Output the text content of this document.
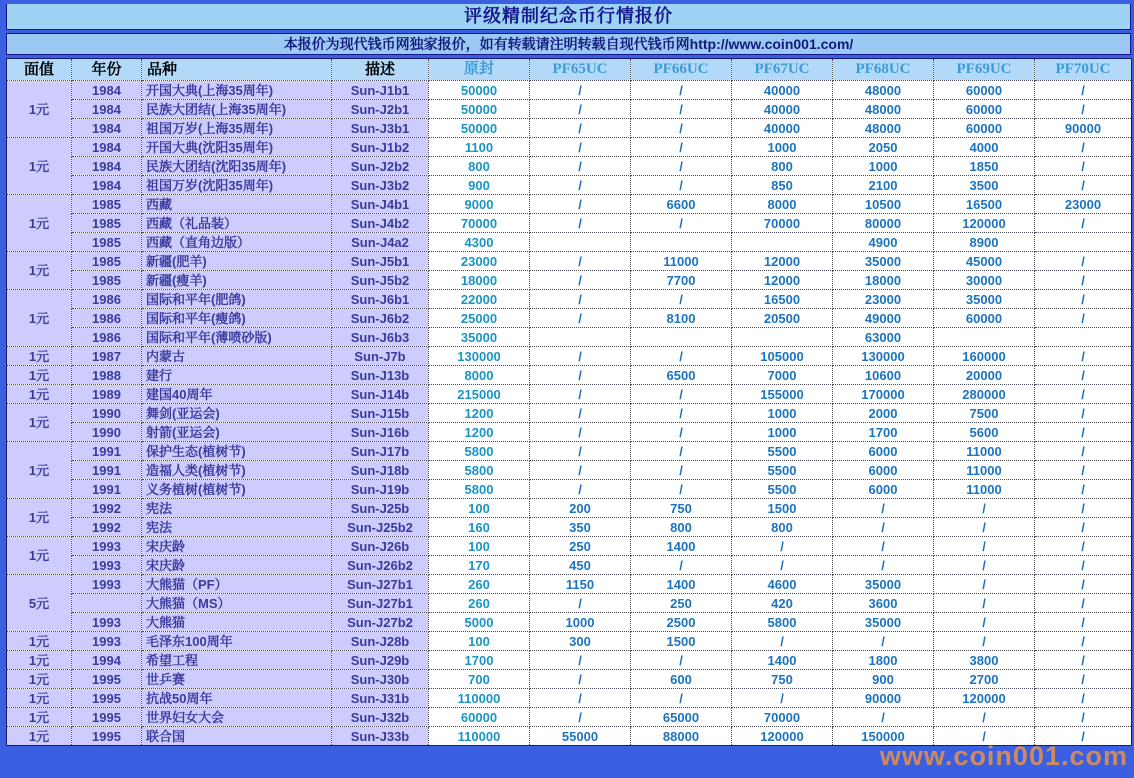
评级精制纪念币行情报价
本报价为现代钱币网独家报价，如有转载请注明转载自现代钱币网http://www.coin001.com/
面值	年份	品种	描述	原封	PF65UC	PF66UC	PF67UC	PF68UC	PF69UC	PF70UC
1元	1984	开国大典(上海35周年)	Sun-J1b1	50000	/	/	40000	48000	60000	/
	1984	民族大团结(上海35周年)	Sun-J2b1	50000	/	/	40000	48000	60000	/
	1984	祖国万岁(上海35周年)	Sun-J3b1	50000	/	/	40000	48000	60000	90000
1元	1984	开国大典(沈阳35周年)	Sun-J1b2	1100	/	/	1000	2050	4000	/
	1984	民族大团结(沈阳35周年)	Sun-J2b2	800	/	/	800	1000	1850	/
	1984	祖国万岁(沈阳35周年)	Sun-J3b2	900	/	/	850	2100	3500	/
1元	1985	西藏	Sun-J4b1	9000	/	6600	8000	10500	16500	23000
	1985	西藏（礼品装）	Sun-J4b2	70000	/	/	70000	80000	120000	/
	1985	西藏（直角边版）	Sun-J4a2	4300				4900	8900	
1元	1985	新疆(肥羊)	Sun-J5b1	23000	/	11000	12000	35000	45000	/
	1985	新疆(瘦羊)	Sun-J5b2	18000	/	7700	12000	18000	30000	/
1元	1986	国际和平年(肥鸽)	Sun-J6b1	22000	/	/	16500	23000	35000	/
	1986	国际和平年(瘦鸽)	Sun-J6b2	25000	/	8100	20500	49000	60000	/
	1986	国际和平年(薄喷砂版)	Sun-J6b3	35000				63000		
1元	1987	内蒙古	Sun-J7b	130000	/	/	105000	130000	160000	/
1元	1988	建行	Sun-J13b	8000	/	6500	7000	10600	20000	/
1元	1989	建国40周年	Sun-J14b	215000	/	/	155000	170000	280000	/
1元	1990	舞剑(亚运会)	Sun-J15b	1200	/	/	1000	2000	7500	/
	1990	射箭(亚运会)	Sun-J16b	1200	/	/	1000	1700	5600	/
1元	1991	保护生态(植树节)	Sun-J17b	5800	/	/	5500	6000	11000	/
	1991	造福人类(植树节)	Sun-J18b	5800	/	/	5500	6000	11000	/
	1991	义务植树(植树节)	Sun-J19b	5800	/	/	5500	6000	11000	/
1元	1992	宪法	Sun-J25b	100	200	750	1500	/	/	/
	1992	宪法	Sun-J25b2	160	350	800	800	/	/	/
1元	1993	宋庆龄	Sun-J26b	100	250	1400	/	/	/	/
	1993	宋庆龄	Sun-J26b2	170	450	/	/	/	/	/
5元	1993	大熊猫（PF）	Sun-J27b1	260	1150	1400	4600	35000	/	/
		大熊猫（MS）	Sun-J27b1	260	/	250	420	3600	/	/
	1993	大熊猫	Sun-J27b2	5000	1000	2500	5800	35000	/	/
1元	1993	毛泽东100周年	Sun-J28b	100	300	1500	/	/	/	/
1元	1994	希望工程	Sun-J29b	1700	/	/	1400	1800	3800	/
1元	1995	世乒赛	Sun-J30b	700	/	600	750	900	2700	/
1元	1995	抗战50周年	Sun-J31b	110000	/	/	/	90000	120000	/
1元	1995	世界妇女大会	Sun-J32b	60000	/	65000	70000	/	/	/
1元	1995	联合国	Sun-J33b	110000	55000	88000	120000	150000	/	/
www.coin001.com
